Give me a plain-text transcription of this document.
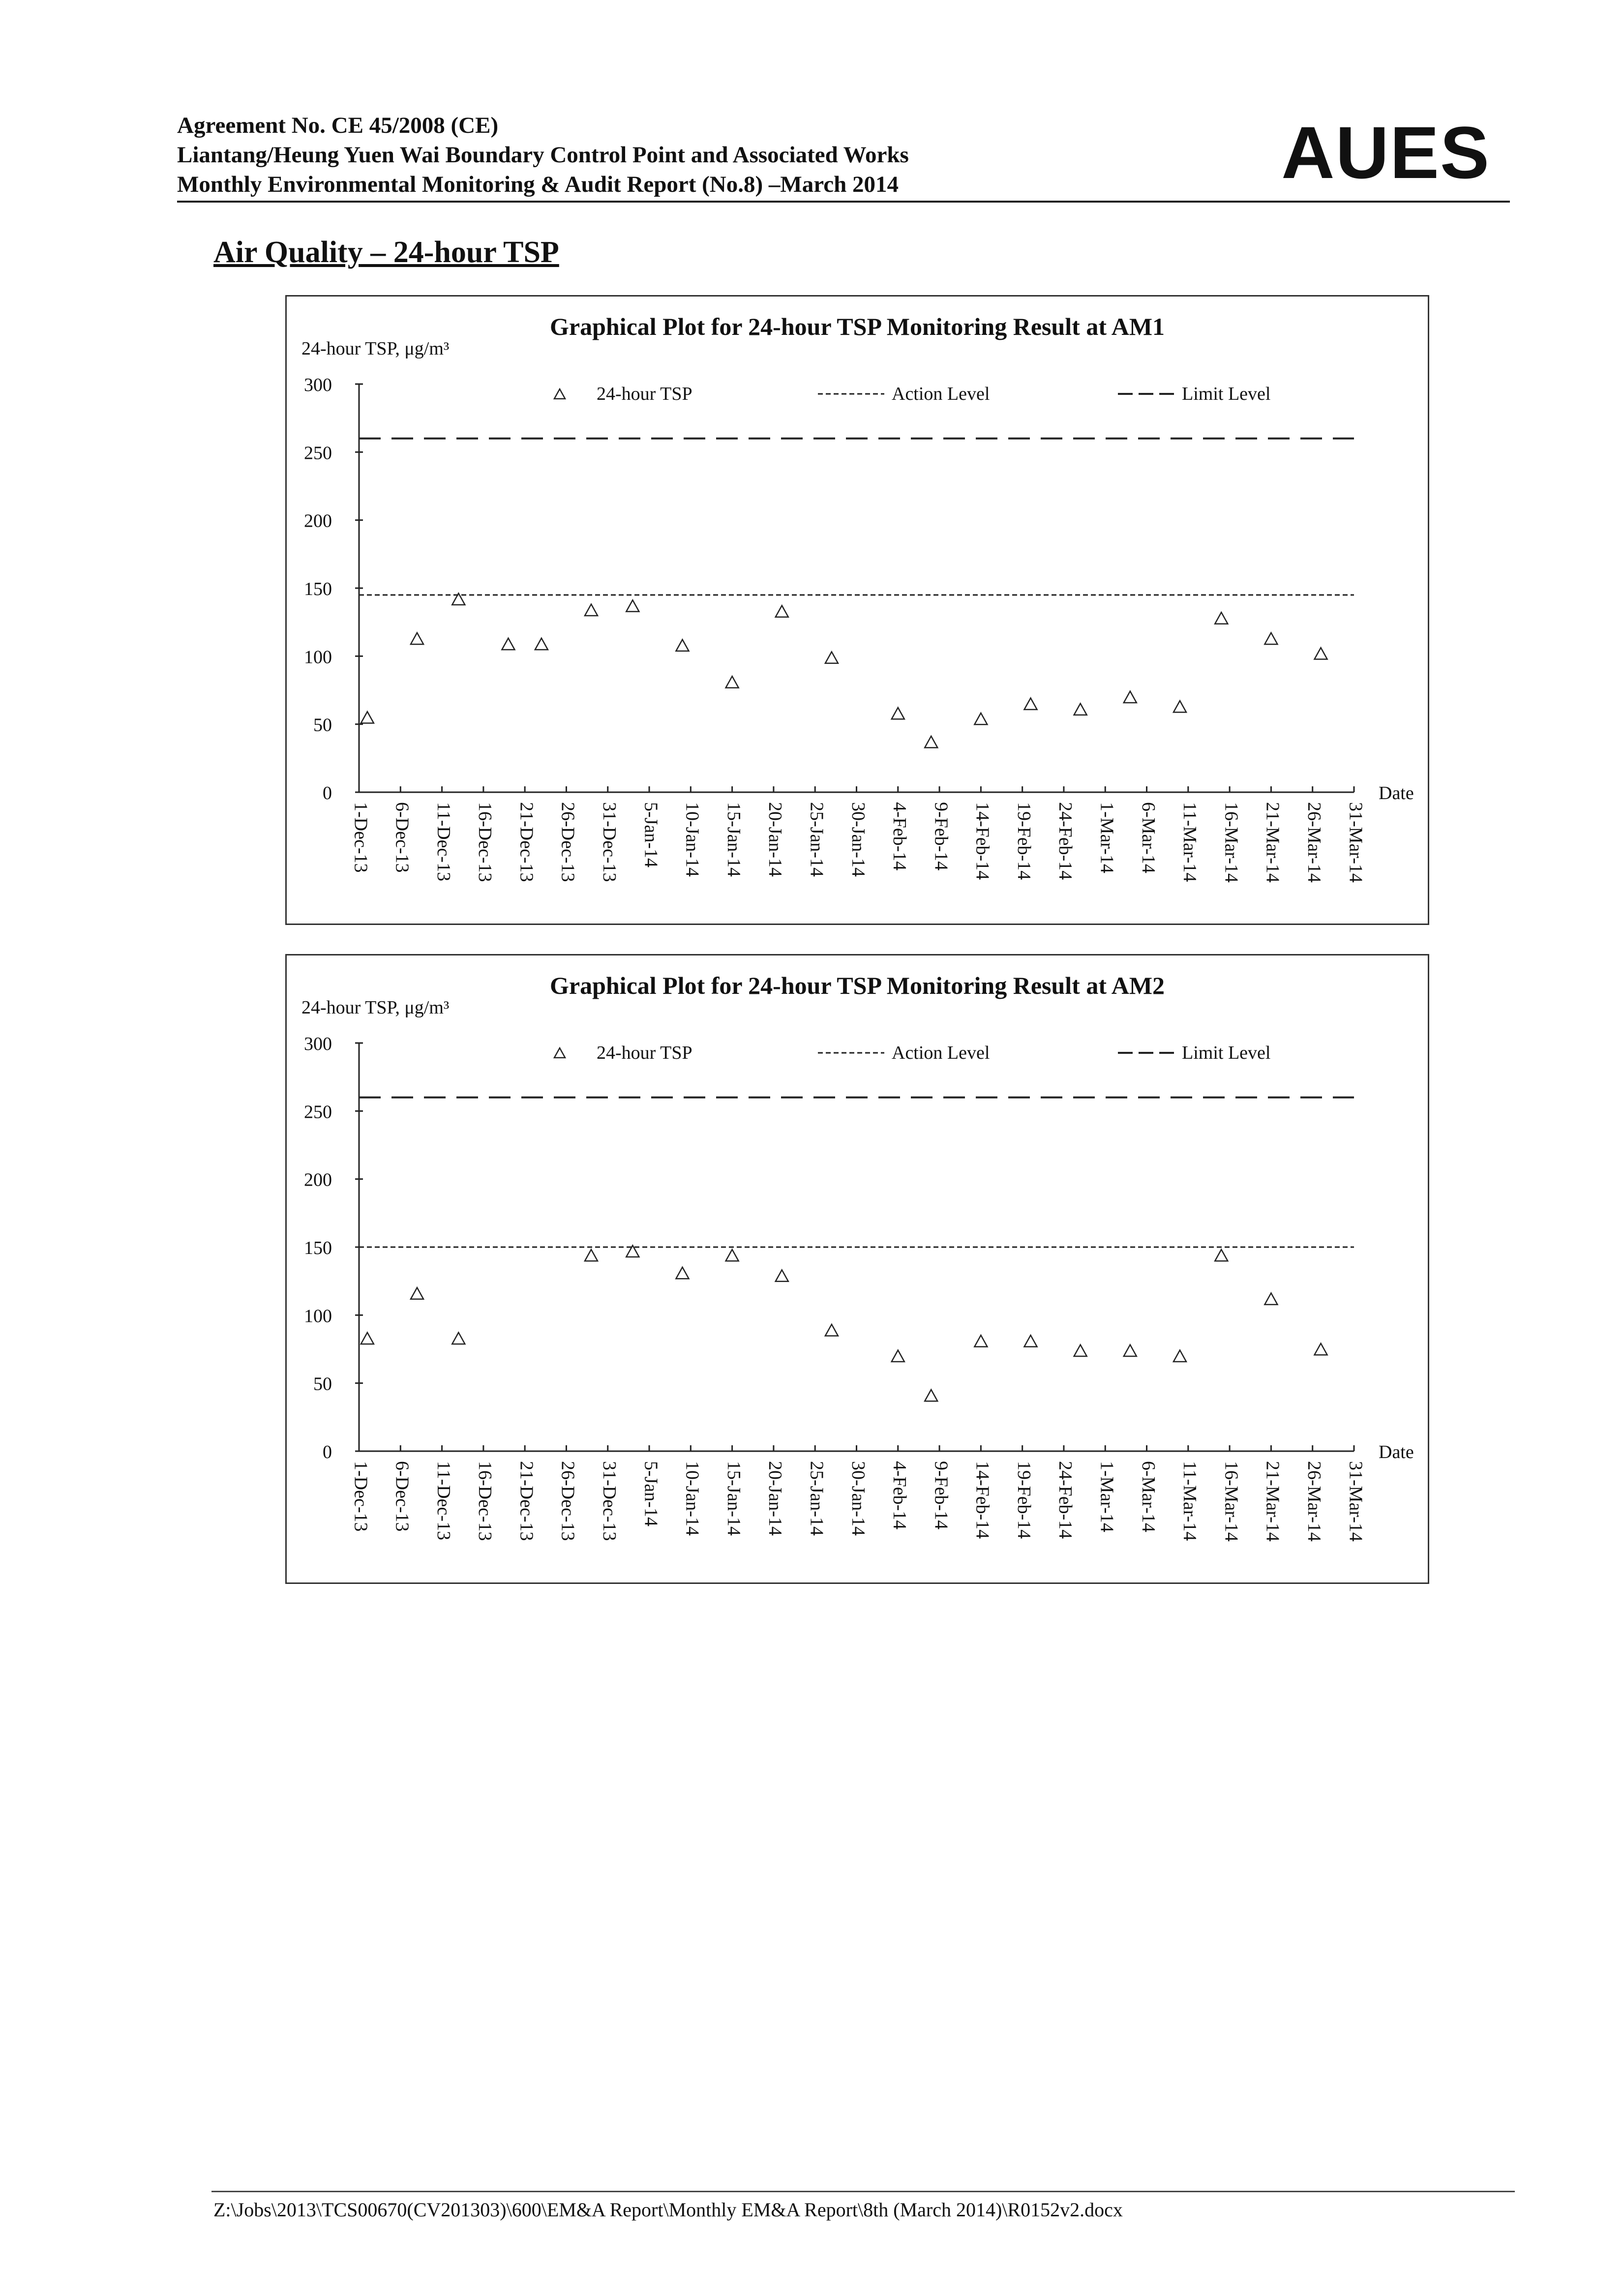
Agreement No. CE 45/2008 (CE)
Liantang/Heung Yuen Wai Boundary Control Point and Associated Works
Monthly Environmental Monitoring & Audit Report (No.8) –March 2014	AUES
Air Quality – 24-hour TSP
Graphical Plot for 24-hour TSP Monitoring Result at AM1
24-hour TSP, μg/m³
0
50
100
150
200
250
300
1-Dec-13 6-Dec-13 11-Dec-13 16-Dec-13 21-Dec-13 26-Dec-13 31-Dec-13 5-Jan-14 10-Jan-14 15-Jan-14 20-Jan-14 25-Jan-14 30-Jan-14 4-Feb-14 9-Feb-14 14-Feb-14 19-Feb-14 24-Feb-14 1-Mar-14 6-Mar-14 11-Mar-14 16-Mar-14 21-Mar-14 26-Mar-14 31-Mar-14
Date
24-hour TSP	Action Level	Limit Level
Graphical Plot for 24-hour TSP Monitoring Result at AM2
24-hour TSP, μg/m³
0
50
100
150
200
250
300
1-Dec-13 6-Dec-13 11-Dec-13 16-Dec-13 21-Dec-13 26-Dec-13 31-Dec-13 5-Jan-14 10-Jan-14 15-Jan-14 20-Jan-14 25-Jan-14 30-Jan-14 4-Feb-14 9-Feb-14 14-Feb-14 19-Feb-14 24-Feb-14 1-Mar-14 6-Mar-14 11-Mar-14 16-Mar-14 21-Mar-14 26-Mar-14 31-Mar-14
Date
24-hour TSP	Action Level	Limit Level
Z:\Jobs\2013\TCS00670(CV201303)\600\EM&A Report\Monthly EM&A Report\8th (March 2014)\R0152v2.docx
